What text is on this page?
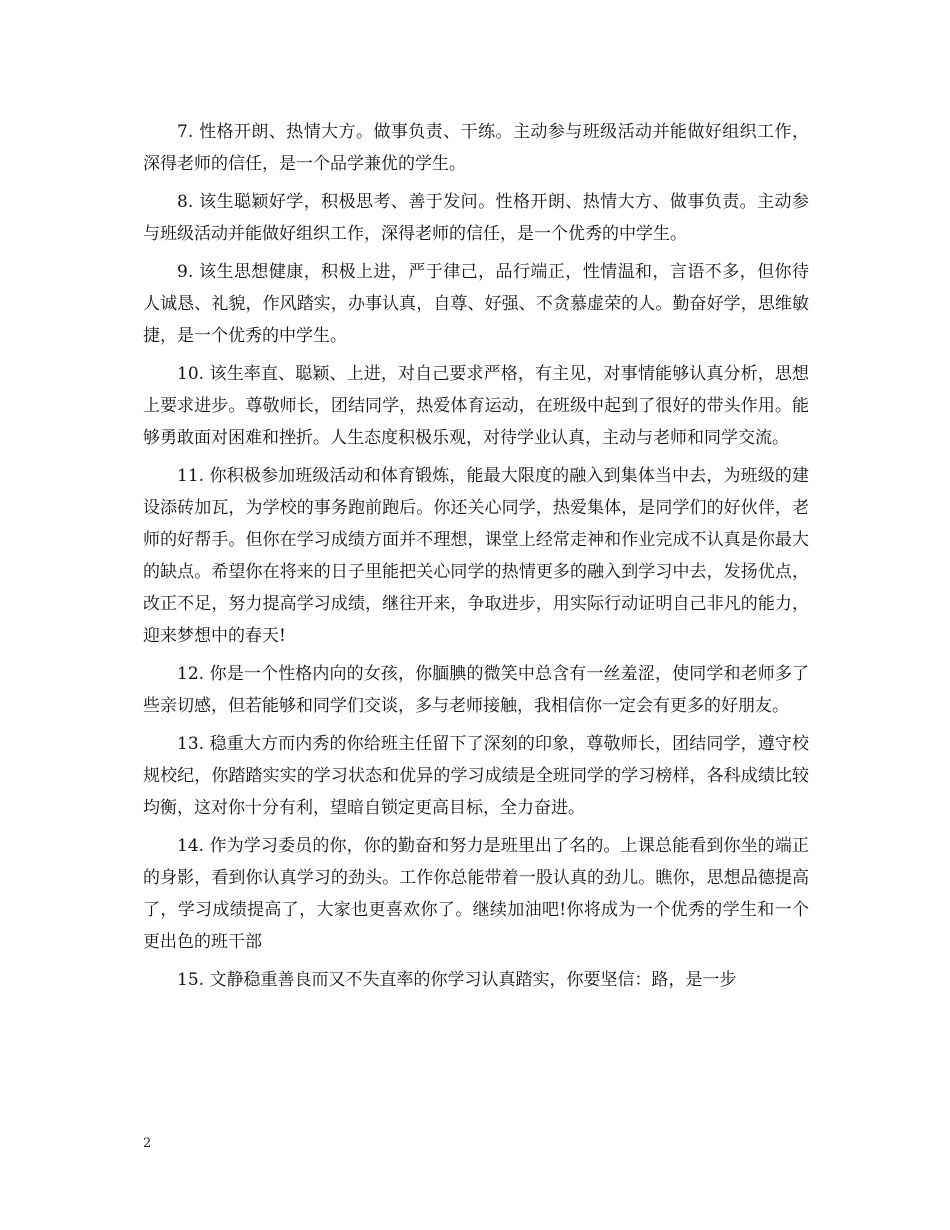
7. 性格开朗、热情大方。做事负责、干练。主动参与班级活动并能做好组织工作，深得老师的信任，是一个品学兼优的学生。

8. 该生聪颖好学，积极思考、善于发问。性格开朗、热情大方、做事负责。主动参与班级活动并能做好组织工作，深得老师的信任，是一个优秀的中学生。

9. 该生思想健康，积极上进，严于律己，品行端正，性情温和，言语不多，但你待人诚恳、礼貌，作风踏实，办事认真，自尊、好强、不贪慕虚荣的人。勤奋好学，思维敏捷，是一个优秀的中学生。

10. 该生率直、聪颖、上进，对自己要求严格，有主见，对事情能够认真分析，思想上要求进步。尊敬师长，团结同学，热爱体育运动，在班级中起到了很好的带头作用。能够勇敢面对困难和挫折。人生态度积极乐观，对待学业认真，主动与老师和同学交流。

11. 你积极参加班级活动和体育锻炼，能最大限度的融入到集体当中去，为班级的建设添砖加瓦，为学校的事务跑前跑后。你还关心同学，热爱集体，是同学们的好伙伴，老师的好帮手。但你在学习成绩方面并不理想，课堂上经常走神和作业完成不认真是你最大的缺点。希望你在将来的日子里能把关心同学的热情更多的融入到学习中去，发扬优点，改正不足，努力提高学习成绩，继往开来，争取进步，用实际行动证明自己非凡的能力，迎来梦想中的春天!

12. 你是一个性格内向的女孩，你腼腆的微笑中总含有一丝羞涩，使同学和老师多了些亲切感，但若能够和同学们交谈，多与老师接触，我相信你一定会有更多的好朋友。

13. 稳重大方而内秀的你给班主任留下了深刻的印象，尊敬师长，团结同学，遵守校规校纪，你踏踏实实的学习状态和优异的学习成绩是全班同学的学习榜样，各科成绩比较均衡，这对你十分有利，望暗自锁定更高目标，全力奋进。

14. 作为学习委员的你，你的勤奋和努力是班里出了名的。上课总能看到你坐的端正的身影，看到你认真学习的劲头。工作你总能带着一股认真的劲儿。瞧你，思想品德提高了，学习成绩提高了，大家也更喜欢你了。继续加油吧!你将成为一个优秀的学生和一个更出色的班干部

15. 文静稳重善良而又不失直率的你学习认真踏实，你要坚信：路，是一步

2
